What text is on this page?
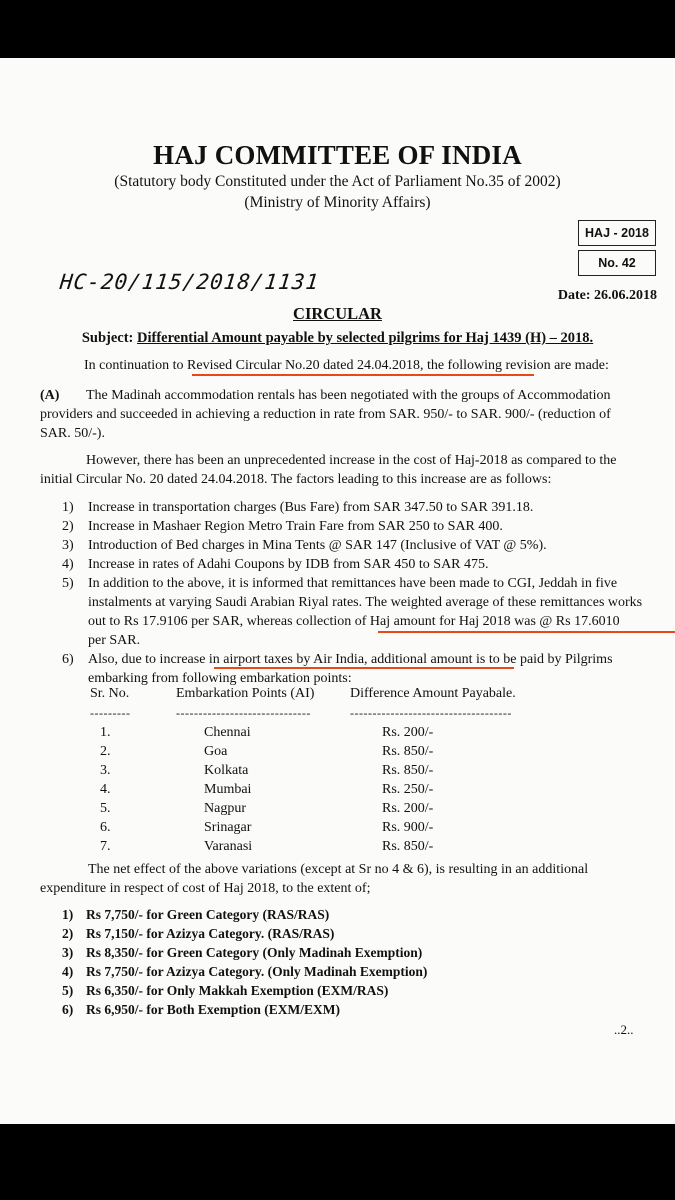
HAJ COMMITTEE OF INDIA
(Statutory body Constituted under the Act of Parliament No.35 of 2002)
(Ministry of Minority Affairs)
HAJ - 2018
No. 42
HC-20/115/2018/1131
Date: 26.06.2018
CIRCULAR
Subject: Differential Amount payable by selected pilgrims for Haj 1439 (H) – 2018.
In continuation to Revised Circular No.20 dated 24.04.2018, the following revision are made:
(A) The Madinah accommodation rentals has been negotiated with the groups of Accommodation
providers and succeeded in achieving a reduction in rate from SAR. 950/- to SAR. 900/- (reduction of
SAR. 50/-).
However, there has been an unprecedented increase in the cost of Haj-2018 as compared to the
initial Circular No. 20 dated 24.04.2018. The factors leading to this increase are as follows:
1) Increase in transportation charges (Bus Fare) from SAR 347.50 to SAR 391.18.
2) Increase in Mashaer Region Metro Train Fare from SAR 250 to SAR 400.
3) Introduction of Bed charges in Mina Tents @ SAR 147 (Inclusive of VAT @ 5%).
4) Increase in rates of Adahi Coupons by IDB from SAR 450 to SAR 475.
5) In addition to the above, it is informed that remittances have been made to CGI, Jeddah in five
instalments at varying Saudi Arabian Riyal rates. The weighted average of these remittances works
out to Rs 17.9106 per SAR, whereas collection of Haj amount for Haj 2018 was @ Rs 17.6010
per SAR.
6) Also, due to increase in airport taxes by Air India, additional amount is to be paid by Pilgrims
embarking from following embarkation points:
Sr. No.	Embarkation Points (AI)	Difference Amount Payabale.
---------	------------------------------	------------------------------------
1.	Chennai	Rs. 200/-
2.	Goa	Rs. 850/-
3.	Kolkata	Rs. 850/-
4.	Mumbai	Rs. 250/-
5.	Nagpur	Rs. 200/-
6.	Srinagar	Rs. 900/-
7.	Varanasi	Rs. 850/-
The net effect of the above variations (except at Sr no 4 & 6), is resulting in an additional
expenditure in respect of cost of Haj 2018, to the extent of;
1) Rs 7,750/- for Green Category (RAS/RAS)
2) Rs 7,150/- for Azizya Category. (RAS/RAS)
3) Rs 8,350/- for Green Category (Only Madinah Exemption)
4) Rs 7,750/- for Azizya Category. (Only Madinah Exemption)
5) Rs 6,350/- for Only Makkah Exemption (EXM/RAS)
6) Rs 6,950/- for Both Exemption (EXM/EXM)
..2..
